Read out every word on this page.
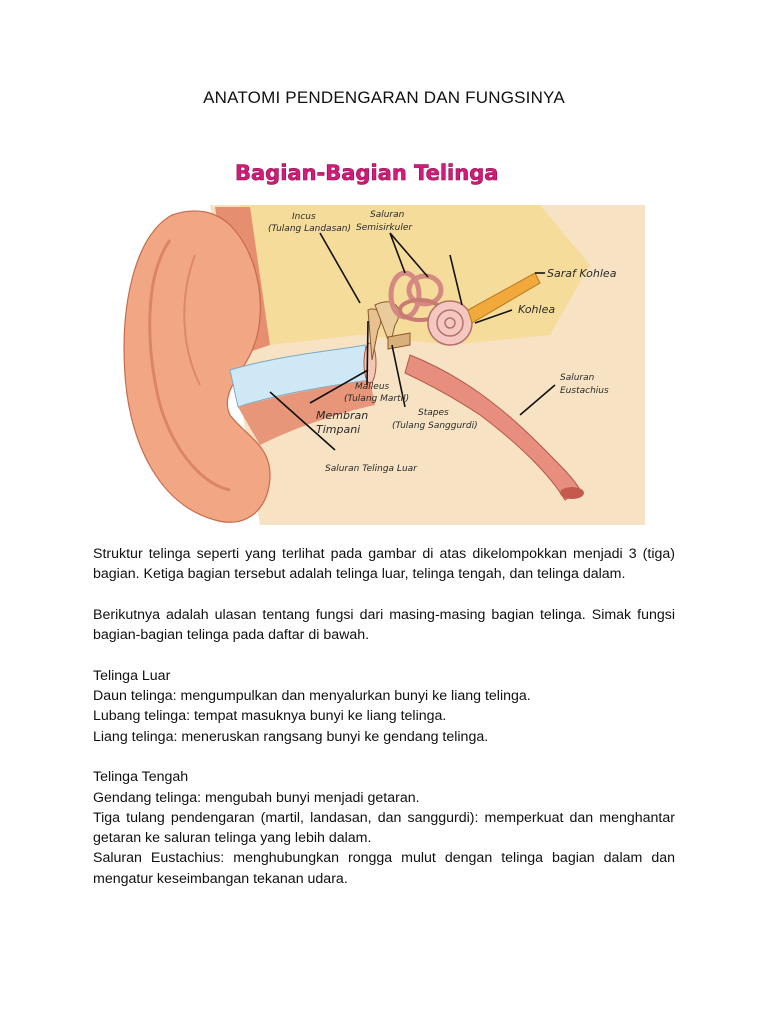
ANATOMI PENDENGARAN DAN FUNGSINYA
Bagian-Bagian Telinga
Incus
(Tulang Landasan)
Saluran
Semisirkuler
Saraf Kohlea
Kohlea
Saluran
Eustachius
Malleus
(Tulang Martil)
Stapes
(Tulang Sanggurdi)
Membran
Timpani
Saluran Telinga Luar

Struktur telinga seperti yang terlihat pada gambar di atas dikelompokkan menjadi 3 (tiga) bagian. Ketiga bagian tersebut adalah telinga luar, telinga tengah, dan telinga dalam.

Berikutnya adalah ulasan tentang fungsi dari masing-masing bagian telinga. Simak fungsi bagian-bagian telinga pada daftar di bawah.

Telinga Luar

Daun telinga: mengumpulkan dan menyalurkan bunyi ke liang telinga.

Lubang telinga: tempat masuknya bunyi ke liang telinga.

Liang telinga: meneruskan rangsang bunyi ke gendang telinga.

Telinga Tengah

Gendang telinga: mengubah bunyi menjadi getaran.

Tiga tulang pendengaran (martil, landasan, dan sanggurdi): memperkuat dan menghantar getaran ke saluran telinga yang lebih dalam.

Saluran Eustachius: menghubungkan rongga mulut dengan telinga bagian dalam dan mengatur keseimbangan tekanan udara.
